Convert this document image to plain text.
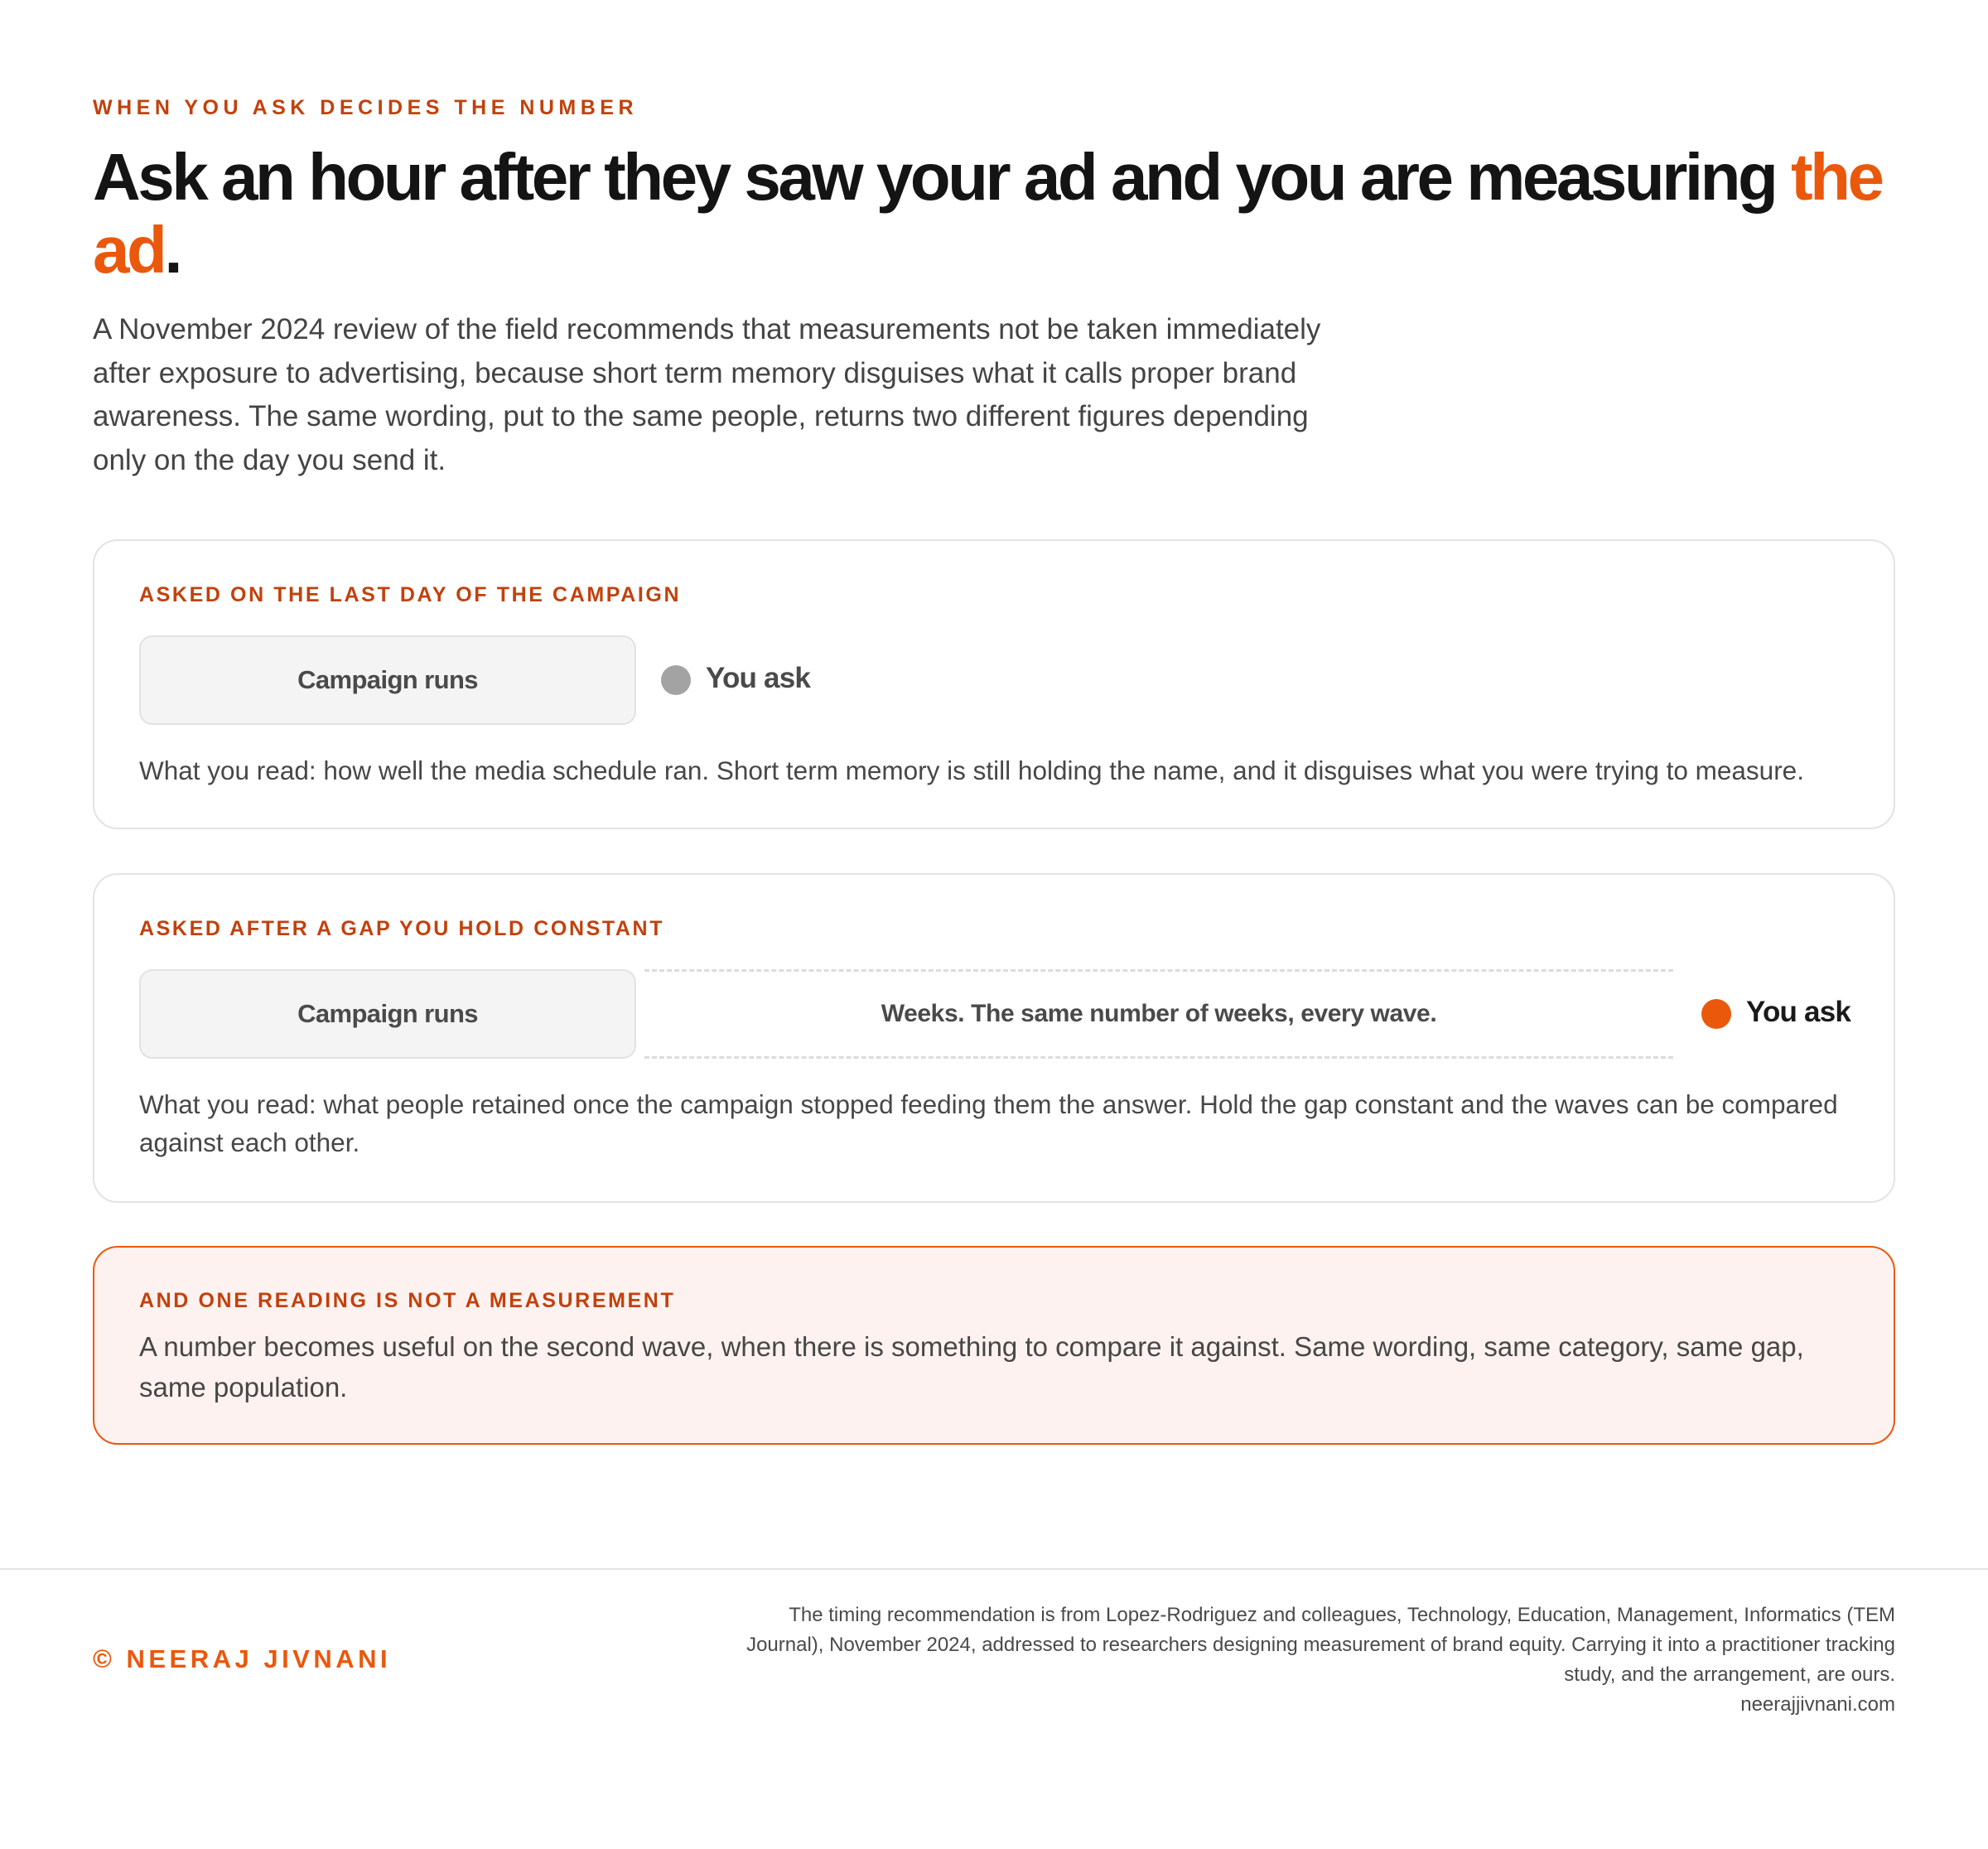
WHEN YOU ASK DECIDES THE NUMBER
Ask an hour after they saw your ad and you are measuring the ad.

A November 2024 review of the field recommends that measurements not be taken immediately after exposure to advertising, because short term memory disguises what it calls proper brand awareness. The same wording, put to the same people, returns two different figures depending only on the day you send it.

ASKED ON THE LAST DAY OF THE CAMPAIGN
Campaign runs	You ask

What you read: how well the media schedule ran. Short term memory is still holding the name, and it disguises what you were trying to measure.

ASKED AFTER A GAP YOU HOLD CONSTANT
Campaign runs	Weeks. The same number of weeks, every wave.	You ask

What you read: what people retained once the campaign stopped feeding them the answer. Hold the gap constant and the waves can be compared against each other.

AND ONE READING IS NOT A MEASUREMENT

A number becomes useful on the second wave, when there is something to compare it against. Same wording, same category, same gap, same population.

© NEERAJ JIVNANI
The timing recommendation is from Lopez-Rodriguez and colleagues, Technology, Education, Management, Informatics (TEM Journal), November 2024, addressed to researchers designing measurement of brand equity. Carrying it into a practitioner tracking study, and the arrangement, are ours.
neerajjivnani.com
